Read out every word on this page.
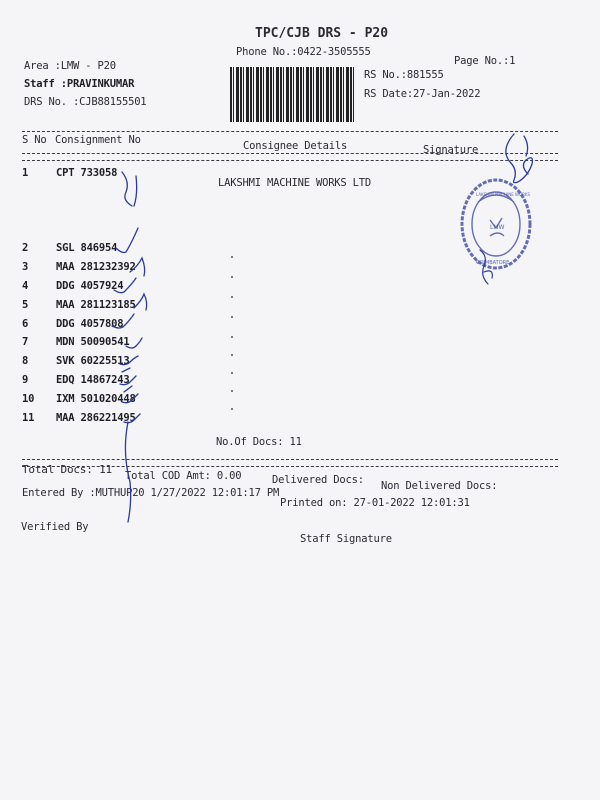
TPC/CJB DRS - P20
Phone No.:0422-3505555
Page No.:1
Area :LMW - P20
Staff :PRAVINKUMAR
DRS No. :CJB88155501
RS No.:881555
RS Date:27-Jan-2022
S No Consignment No	Consignee Details	Signature
1	CPT 733058
LAKSHMI MACHINE WORKS LTD
2	SGL 846954
3	MAA 281232392
4	DDG 4057924
5	MAA 281123185
6	DDG 4057808
7	MDN 50090541
8	SVK 60225513
9	EDQ 14867243
10 IXM 501020448
11 MAA 286221495
No.Of Docs: 11
Total Docs: 11 Total COD Amt: 0.00	Delivered Docs: Non Delivered Docs:
Entered By :MUTHUP20 1/27/2022 12:01:17 PM
Printed on: 27-01-2022 12:01:31
Verified By
Staff Signature
LAKSHMI MACHINE WORKS
LMW
COIMBATORE
